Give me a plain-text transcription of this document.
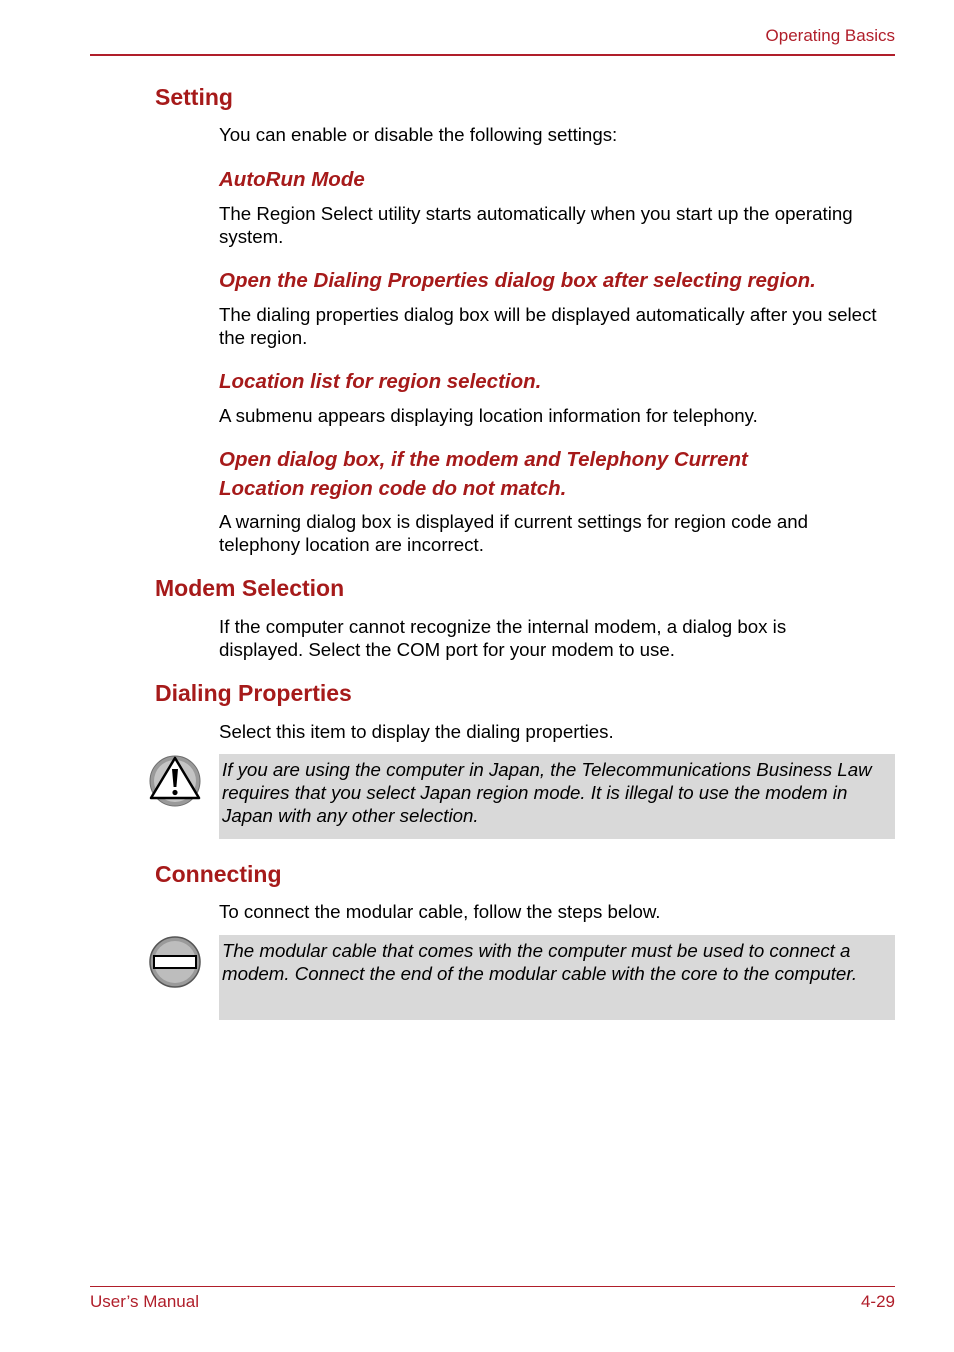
Operating Basics
Setting
You can enable or disable the following settings:
AutoRun Mode
The Region Select utility starts automatically when you start up the operating system.
Open the Dialing Properties dialog box after selecting region.
The dialing properties dialog box will be displayed automatically after you select the region.
Location list for region selection.
A submenu appears displaying location information for telephony.
Open dialog box, if the modem and Telephony Current Location region code do not match.
A warning dialog box is displayed if current settings for region code and telephony location are incorrect.
Modem Selection
If the computer cannot recognize the internal modem, a dialog box is displayed. Select the COM port for your modem to use.
Dialing Properties
Select this item to display the dialing properties.
If you are using the computer in Japan, the Telecommunications Business Law requires that you select Japan region mode. It is illegal to use the modem in Japan with any other selection.
Connecting
To connect the modular cable, follow the steps below.
The modular cable that comes with the computer must be used to connect a modem. Connect the end of the modular cable with the core to the computer.
User’s Manual	4-29
